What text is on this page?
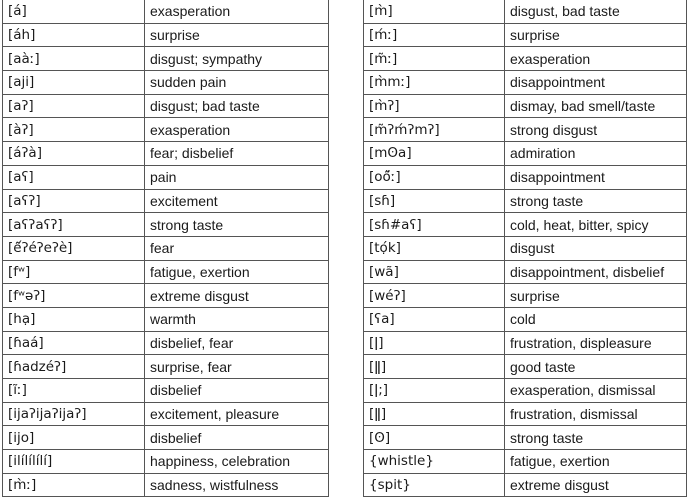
[á]	exasperation
[áh]	surprise
[aàː]	disgust; sympathy
[aji]	sudden pain
[aʔ]	disgust; bad taste
[àʔ]	exasperation
[áʔà]	fear; disbelief
[aʕ]	pain
[aʕʔ]	excitement
[aʕʔaʕʔ]	strong taste
[ế̃ʔéʔeʔè]	fear
[fʷ]	fatigue, exertion
[fʷəʔ]	extreme disgust
[hạ]	warmth
[ɦaá]	disbelief, fear
[ɦadzéʔ]	surprise, fear
[ĩː]	disbelief
[ijaʔijaʔijaʔ]	excitement, pleasure
[ijo]	disbelief
[ilílílílí]	happiness, celebration
[m̀ː]	sadness, wistfulness
[m̀]	disgust, bad taste
[ḿː]	surprise
[m̃ː]	exasperation
[m̀mː]	disappointment
[m̀ʔ]	dismay, bad smell/taste
[m̃ʔḿʔmʔ]	strong disgust
[mʘa]	admiration
[oő̃ː]	disappointment
[sɦ]	strong taste
[sɦ#aʕ]	cold, heat, bitter, spicy
[tọ́k]	disgust
[wã]	disappointment, disbelief
[wéʔ]	surprise
[ʕa]	cold
[ǀ]	frustration, displeasure
[ǁ]	good taste
[ǀ;]	exasperation, dismissal
[ǁ]	frustration, dismissal
[ʘ]	strong taste
{whistle}	fatigue, exertion
{spit}	extreme disgust
